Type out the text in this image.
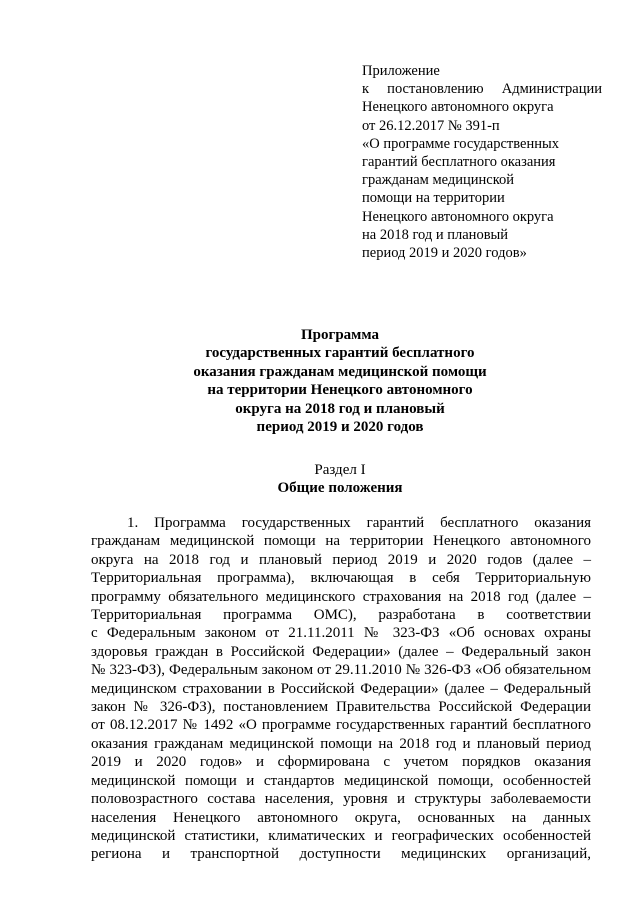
Приложение
к постановлению Администрации
Ненецкого автономного округа
от 26.12.2017 № 391-п
«О программе государственных
гарантий бесплатного оказания
гражданам медицинской
помощи на территории
Ненецкого автономного округа
на 2018 год и плановый
период 2019 и 2020 годов»
Программа
государственных гарантий бесплатного
оказания гражданам медицинской помощи
на территории Ненецкого автономного
округа на 2018 год и плановый
период 2019 и 2020 годов
Раздел I
Общие положения
1. Программа государственных гарантий бесплатного оказания
гражданам медицинской помощи на территории Ненецкого автономного
округа на 2018 год и плановый период 2019 и 2020 годов (далее –
Территориальная программа), включающая в себя Территориальную
программу обязательного медицинского страхования на 2018 год (далее –
Территориальная программа ОМС), разработана в соответствии
с Федеральным законом от 21.11.2011 № 323-ФЗ «Об основах охраны
здоровья граждан в Российской Федерации» (далее – Федеральный закон
№ 323-ФЗ), Федеральным законом от 29.11.2010 № 326-ФЗ «Об обязательном
медицинском страховании в Российской Федерации» (далее – Федеральный
закон № 326-ФЗ), постановлением Правительства Российской Федерации
от 08.12.2017 № 1492 «О программе государственных гарантий бесплатного
оказания гражданам медицинской помощи на 2018 год и плановый период
2019 и 2020 годов» и сформирована с учетом порядков оказания
медицинской помощи и стандартов медицинской помощи, особенностей
половозрастного состава населения, уровня и структуры заболеваемости
населения Ненецкого автономного округа, основанных на данных
медицинской статистики, климатических и географических особенностей
региона и транспортной доступности медицинских организаций,
